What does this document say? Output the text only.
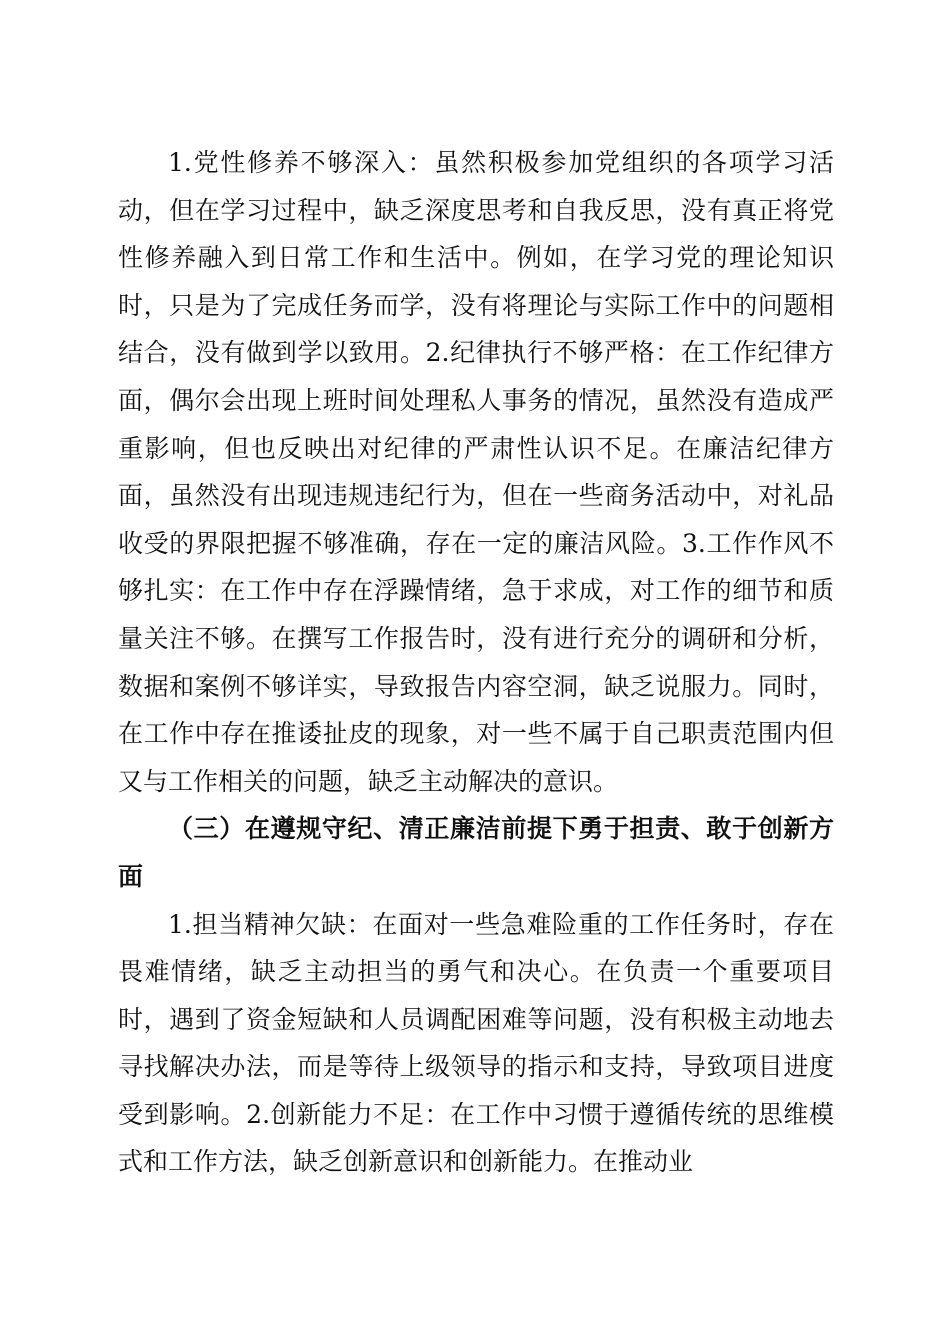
1.党性修养不够深入：虽然积极参加党组织的各项学习活动，但在学习过程中，缺乏深度思考和自我反思，没有真正将党性修养融入到日常工作和生活中。例如，在学习党的理论知识时，只是为了完成任务而学，没有将理论与实际工作中的问题相结合，没有做到学以致用。2.纪律执行不够严格：在工作纪律方面，偶尔会出现上班时间处理私人事务的情况，虽然没有造成严重影响，但也反映出对纪律的严肃性认识不足。在廉洁纪律方面，虽然没有出现违规违纪行为，但在一些商务活动中，对礼品收受的界限把握不够准确，存在一定的廉洁风险。3.工作作风不够扎实：在工作中存在浮躁情绪，急于求成，对工作的细节和质量关注不够。在撰写工作报告时，没有进行充分的调研和分析，数据和案例不够详实，导致报告内容空洞，缺乏说服力。同时，在工作中存在推诿扯皮的现象，对一些不属于自己职责范围内但又与工作相关的问题，缺乏主动解决的意识。

（三）在遵规守纪、清正廉洁前提下勇于担责、敢于创新方面

1.担当精神欠缺：在面对一些急难险重的工作任务时，存在畏难情绪，缺乏主动担当的勇气和决心。在负责一个重要项目时，遇到了资金短缺和人员调配困难等问题，没有积极主动地去寻找解决办法，而是等待上级领导的指示和支持，导致项目进度受到影响。2.创新能力不足：在工作中习惯于遵循传统的思维模式和工作方法，缺乏创新意识和创新能力。在推动业
